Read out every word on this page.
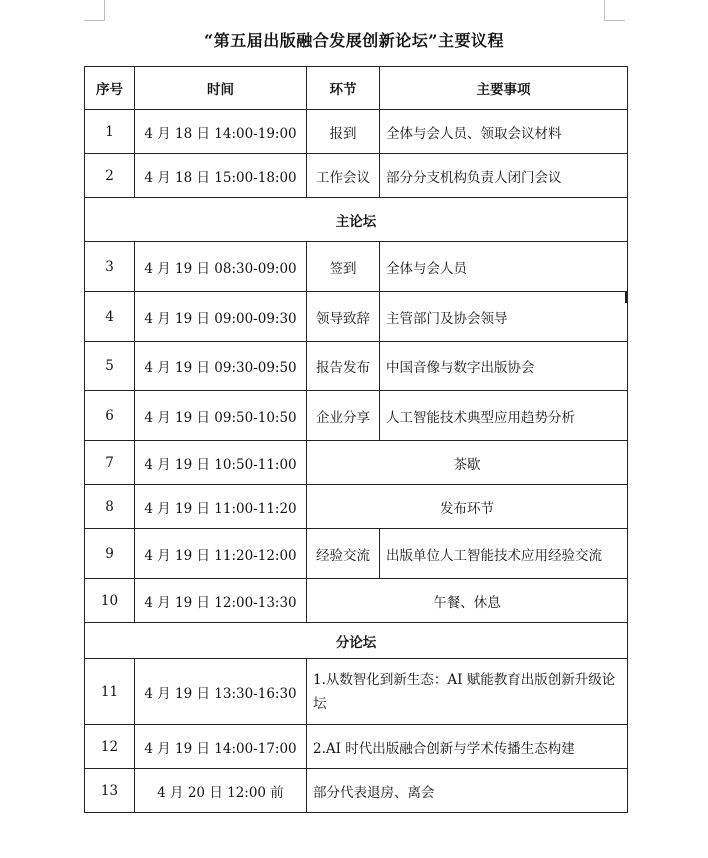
“第五届出版融合发展创新论坛”主要议程
序号	时间	环节	主要事项
1	4 月 18 日 14:00-19:00	报到	全体与会人员、领取会议材料
2	4 月 18 日 15:00-18:00	工作会议	部分分支机构负责人闭门会议
主论坛			
3	4 月 19 日 08:30-09:00	签到	全体与会人员
4	4 月 19 日 09:00-09:30	领导致辞	主管部门及协会领导
5	4 月 19 日 09:30-09:50	报告发布	中国音像与数字出版协会
6	4 月 19 日 09:50-10:50	企业分享	人工智能技术典型应用趋势分析
7	4 月 19 日 10:50-11:00	茶歇	
8	4 月 19 日 11:00-11:20	发布环节	
9	4 月 19 日 11:20-12:00	经验交流	出版单位人工智能技术应用经验交流
10	4 月 19 日 12:00-13:30	午餐、休息	
分论坛			
11	4 月 19 日 13:30-16:30	1.从数智化到新生态：AI 赋能教育出版创新升级论坛	
12	4 月 19 日 14:00-17:00	2.AI 时代出版融合创新与学术传播生态构建	
13	4 月 20 日 12:00 前	部分代表退房、离会	
